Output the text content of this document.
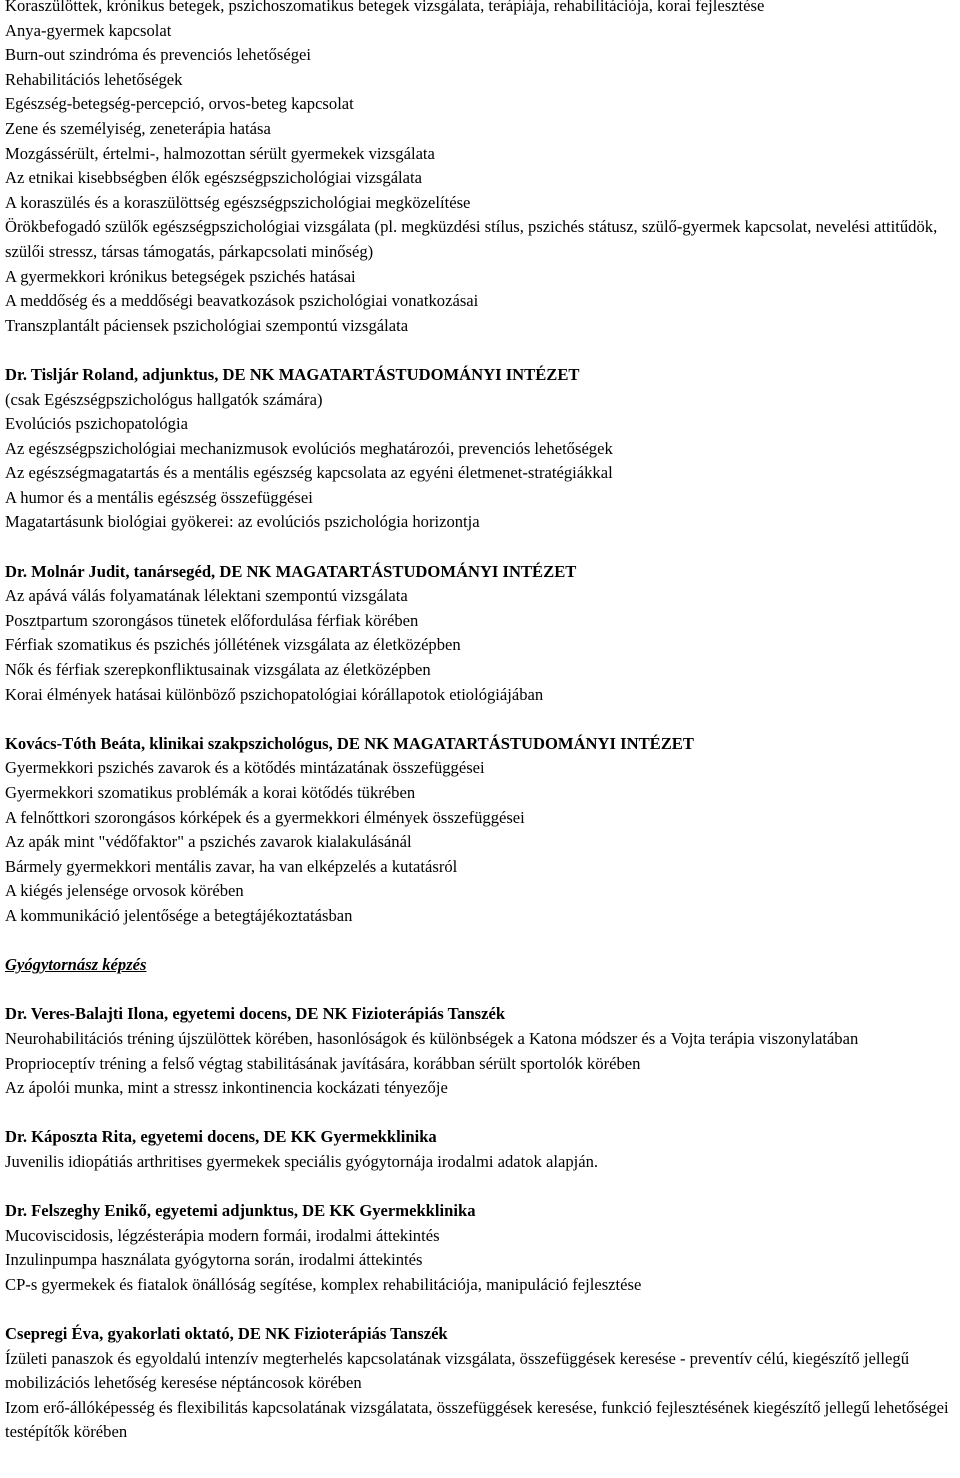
Koraszülöttek, krónikus betegek, pszichoszomatikus betegek vizsgálata, terápiája, rehabilitációja, korai fejlesztése

Anya-gyermek kapcsolat

Burn-out szindróma és prevenciós lehetőségei

Rehabilitációs lehetőségek

Egészség-betegség-percepció, orvos-beteg kapcsolat

Zene és személyiség, zeneterápia hatása

Mozgássérült, értelmi-, halmozottan sérült gyermekek vizsgálata

Az etnikai kisebbségben élők egészségpszichológiai vizsgálata

A koraszülés és a koraszülöttség egészségpszichológiai megközelítése

Örökbefogadó szülők egészségpszichológiai vizsgálata (pl. megküzdési stílus, pszichés státusz, szülő-gyermek kapcsolat, nevelési attitűdök, szülői stressz, társas támogatás, párkapcsolati minőség)

A gyermekkori krónikus betegségek pszichés hatásai

A meddőség és a meddőségi beavatkozások pszichológiai vonatkozásai

Transzplantált páciensek pszichológiai szempontú vizsgálata

Dr. Tisljár Roland, adjunktus, DE NK MAGATARTÁSTUDOMÁNYI INTÉZET

(csak Egészségpszichológus hallgatók számára)

Evolúciós pszichopatológia

Az egészségpszichológiai mechanizmusok evolúciós meghatározói, prevenciós lehetőségek

Az egészségmagatartás és a mentális egészség kapcsolata az egyéni életmenet-stratégiákkal

A humor és a mentális egészség összefüggései

Magatartásunk biológiai gyökerei: az evolúciós pszichológia horizontja

Dr. Molnár Judit, tanársegéd, DE NK MAGATARTÁSTUDOMÁNYI INTÉZET

Az apává válás folyamatának lélektani szempontú vizsgálata

Posztpartum szorongásos tünetek előfordulása férfiak körében

Férfiak szomatikus és pszichés jóllétének vizsgálata az életközépben

Nők és férfiak szerepkonfliktusainak vizsgálata az életközépben

Korai élmények hatásai különböző pszichopatológiai kórállapotok etiológiájában

Kovács-Tóth Beáta, klinikai szakpszichológus, DE NK MAGATARTÁSTUDOMÁNYI INTÉZET

Gyermekkori pszichés zavarok és a kötődés mintázatának összefüggései

Gyermekkori szomatikus problémák a korai kötődés tükrében

A felnőttkori szorongásos kórképek és a gyermekkori élmények összefüggései

Az apák mint "védőfaktor" a pszichés zavarok kialakulásánál

Bármely gyermekkori mentális zavar, ha van elképzelés a kutatásról

A kiégés jelensége orvosok körében

A kommunikáció jelentősége a betegtájékoztatásban

Gyógytornász képzés

Dr. Veres-Balajti Ilona, egyetemi docens, DE NK Fizioterápiás Tanszék

Neurohabilitációs tréning újszülöttek körében, hasonlóságok és különbségek a Katona módszer és a Vojta terápia viszonylatában

Proprioceptív tréning a felső végtag stabilitásának javítására, korábban sérült sportolók körében

Az ápolói munka, mint a stressz inkontinencia kockázati tényezője

Dr. Káposzta Rita, egyetemi docens, DE KK Gyermekklinika

Juvenilis idiopátiás arthritises gyermekek speciális gyógytornája irodalmi adatok alapján.

Dr. Felszeghy Enikő, egyetemi adjunktus, DE KK Gyermekklinika

Mucoviscidosis, légzésterápia modern formái, irodalmi áttekintés

Inzulinpumpa használata gyógytorna során, irodalmi áttekintés

CP-s gyermekek és fiatalok önállóság segítése, komplex rehabilitációja, manipuláció fejlesztése

Csepregi Éva, gyakorlati oktató, DE NK Fizioterápiás Tanszék

Ízületi panaszok és egyoldalú intenzív megterhelés kapcsolatának vizsgálata, összefüggések keresése - preventív célú, kiegészítő jellegű mobilizációs lehetőség keresése néptáncosok körében

Izom erő-állóképesség és flexibilitás kapcsolatának vizsgálatata, összefüggések keresése, funkció fejlesztésének kiegészítő jellegű lehetőségei testépítők körében
